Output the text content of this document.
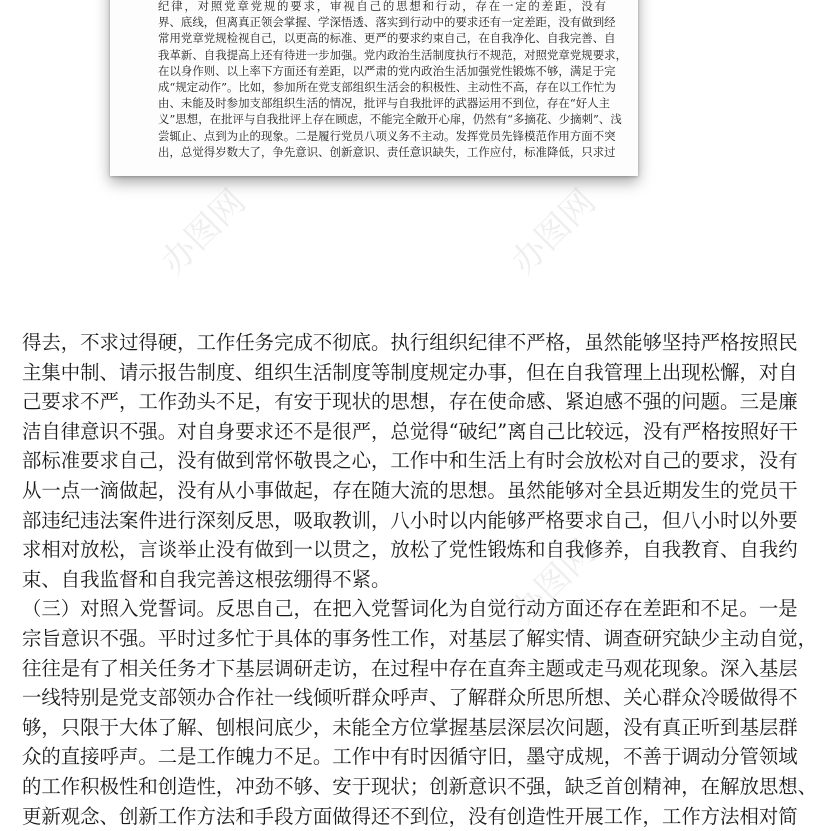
纪律，对照党章党规的要求，审视自己的思想和行动，存在一定的差距，没有
界、底线，但离真正领会掌握、学深悟透、落实到行动中的要求还有一定差距，没有做到经
常用党章党规检视自己，以更高的标准、更严的要求约束自己，在自我净化、自我完善、自
我革新、自我提高上还有待进一步加强。党内政治生活制度执行不规范，对照党章党规要求，
在以身作则、以上率下方面还有差距，以严肃的党内政治生活加强党性锻炼不够，满足于完
成“规定动作”。比如，参加所在党支部组织生活会的积极性、主动性不高，存在以工作忙为
由、未能及时参加支部组织生活的情况，批评与自我批评的武器运用不到位，存在“好人主
义”思想，在批评与自我批评上存在顾虑，不能完全敞开心扉，仍然有“多摘花、少摘刺”、浅
尝辄止、点到为止的现象。二是履行党员八项义务不主动。发挥党员先锋模范作用方面不突
出，总觉得岁数大了，争先意识、创新意识、责任意识缺失，工作应付，标准降低，只求过
办图网	办图网
办图网
得去，不求过得硬，工作任务完成不彻底。执行组织纪律不严格，虽然能够坚持严格按照民
主集中制、请示报告制度、组织生活制度等制度规定办事，但在自我管理上出现松懈，对自
己要求不严，工作劲头不足，有安于现状的思想，存在使命感、紧迫感不强的问题。三是廉
洁自律意识不强。对自身要求还不是很严，总觉得“破纪”离自己比较远，没有严格按照好干
部标准要求自己，没有做到常怀敬畏之心，工作中和生活上有时会放松对自己的要求，没有
从一点一滴做起，没有从小事做起，存在随大流的思想。虽然能够对全县近期发生的党员干
部违纪违法案件进行深刻反思，吸取教训，八小时以内能够严格要求自己，但八小时以外要
求相对放松，言谈举止没有做到一以贯之，放松了党性锻炼和自我修养，自我教育、自我约
束、自我监督和自我完善这根弦绷得不紧。
（三）对照入党誓词。反思自己，在把入党誓词化为自觉行动方面还存在差距和不足。一是
宗旨意识不强。平时过多忙于具体的事务性工作，对基层了解实情、调查研究缺少主动自觉，
往往是有了相关任务才下基层调研走访，在过程中存在直奔主题或走马观花现象。深入基层
一线特别是党支部领办合作社一线倾听群众呼声、了解群众所思所想、关心群众冷暖做得不
够，只限于大体了解、刨根问底少，未能全方位掌握基层深层次问题，没有真正听到基层群
众的直接呼声。二是工作魄力不足。工作中有时因循守旧，墨守成规，不善于调动分管领域
的工作积极性和创造性，冲劲不够、安于现状；创新意识不强，缺乏首创精神，在解放思想、
更新观念、创新工作方法和手段方面做得还不到位，没有创造性开展工作，工作方法相对简
